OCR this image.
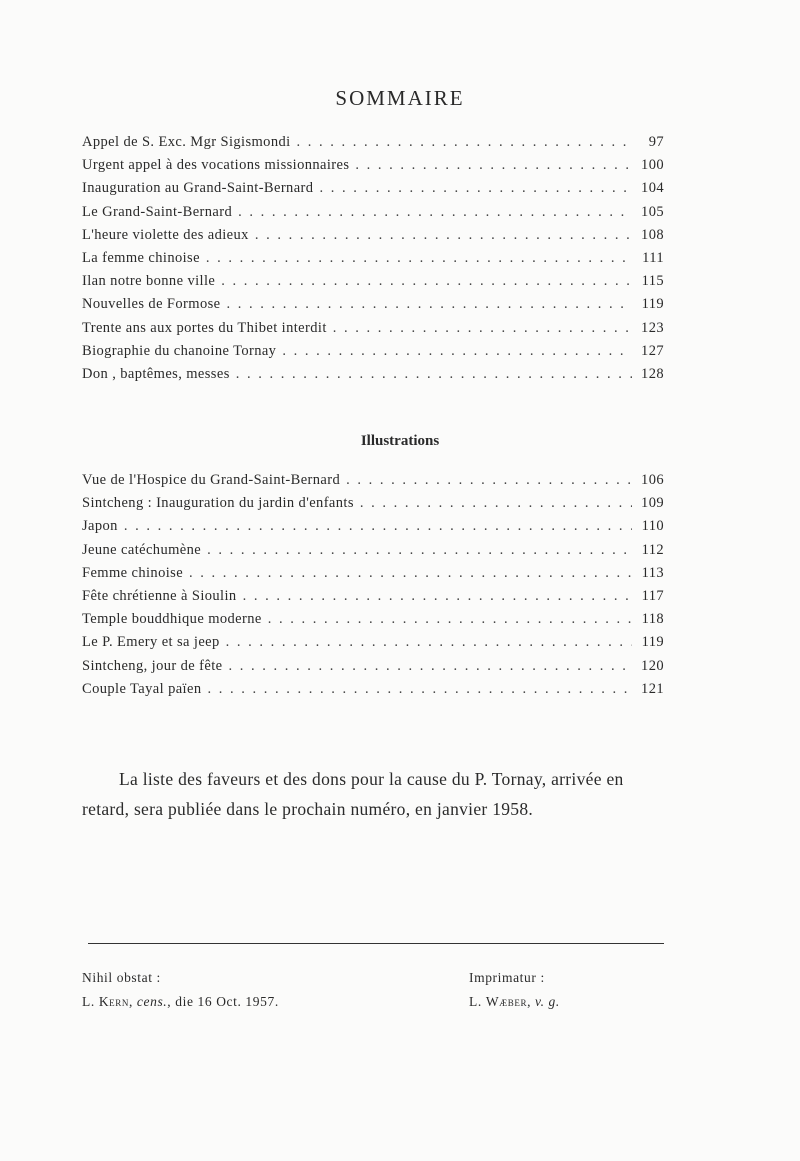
SOMMAIRE
Appel de S. Exc. Mgr Sigismondi . . .	97
Urgent appel à des vocations missionnaires . . .	100
Inauguration au Grand-Saint-Bernard . . .	104
Le Grand-Saint-Bernard . . .	105
L'heure violette des adieux . . .	108
La femme chinoise . . .	111
Ilan notre bonne ville . . .	115
Nouvelles de Formose . . .	119
Trente ans aux portes du Thibet interdit . . .	123
Biographie du chanoine Tornay . . .	127
Don , baptêmes, messes . . .	128
Illustrations
Vue de l'Hospice du Grand-Saint-Bernard . . .	106
Sintcheng : Inauguration du jardin d'enfants . . .	109
Japon . . .	110
Jeune catéchumène . . .	112
Femme chinoise . . .	113
Fête chrétienne à Sioulin . . .	117
Temple bouddhique moderne . . .	118
Le P. Emery et sa jeep . . .	119
Sintcheng, jour de fête . . .	120
Couple Tayal païen . . .	121

La liste des faveurs et des dons pour la cause du P. Tornay, arrivée en retard, sera publiée dans le prochain numéro, en janvier 1958.

Nihil obstat :
L. Kern, cens., die 16 Oct. 1957.
Imprimatur :
L. Wæber, v. g.
